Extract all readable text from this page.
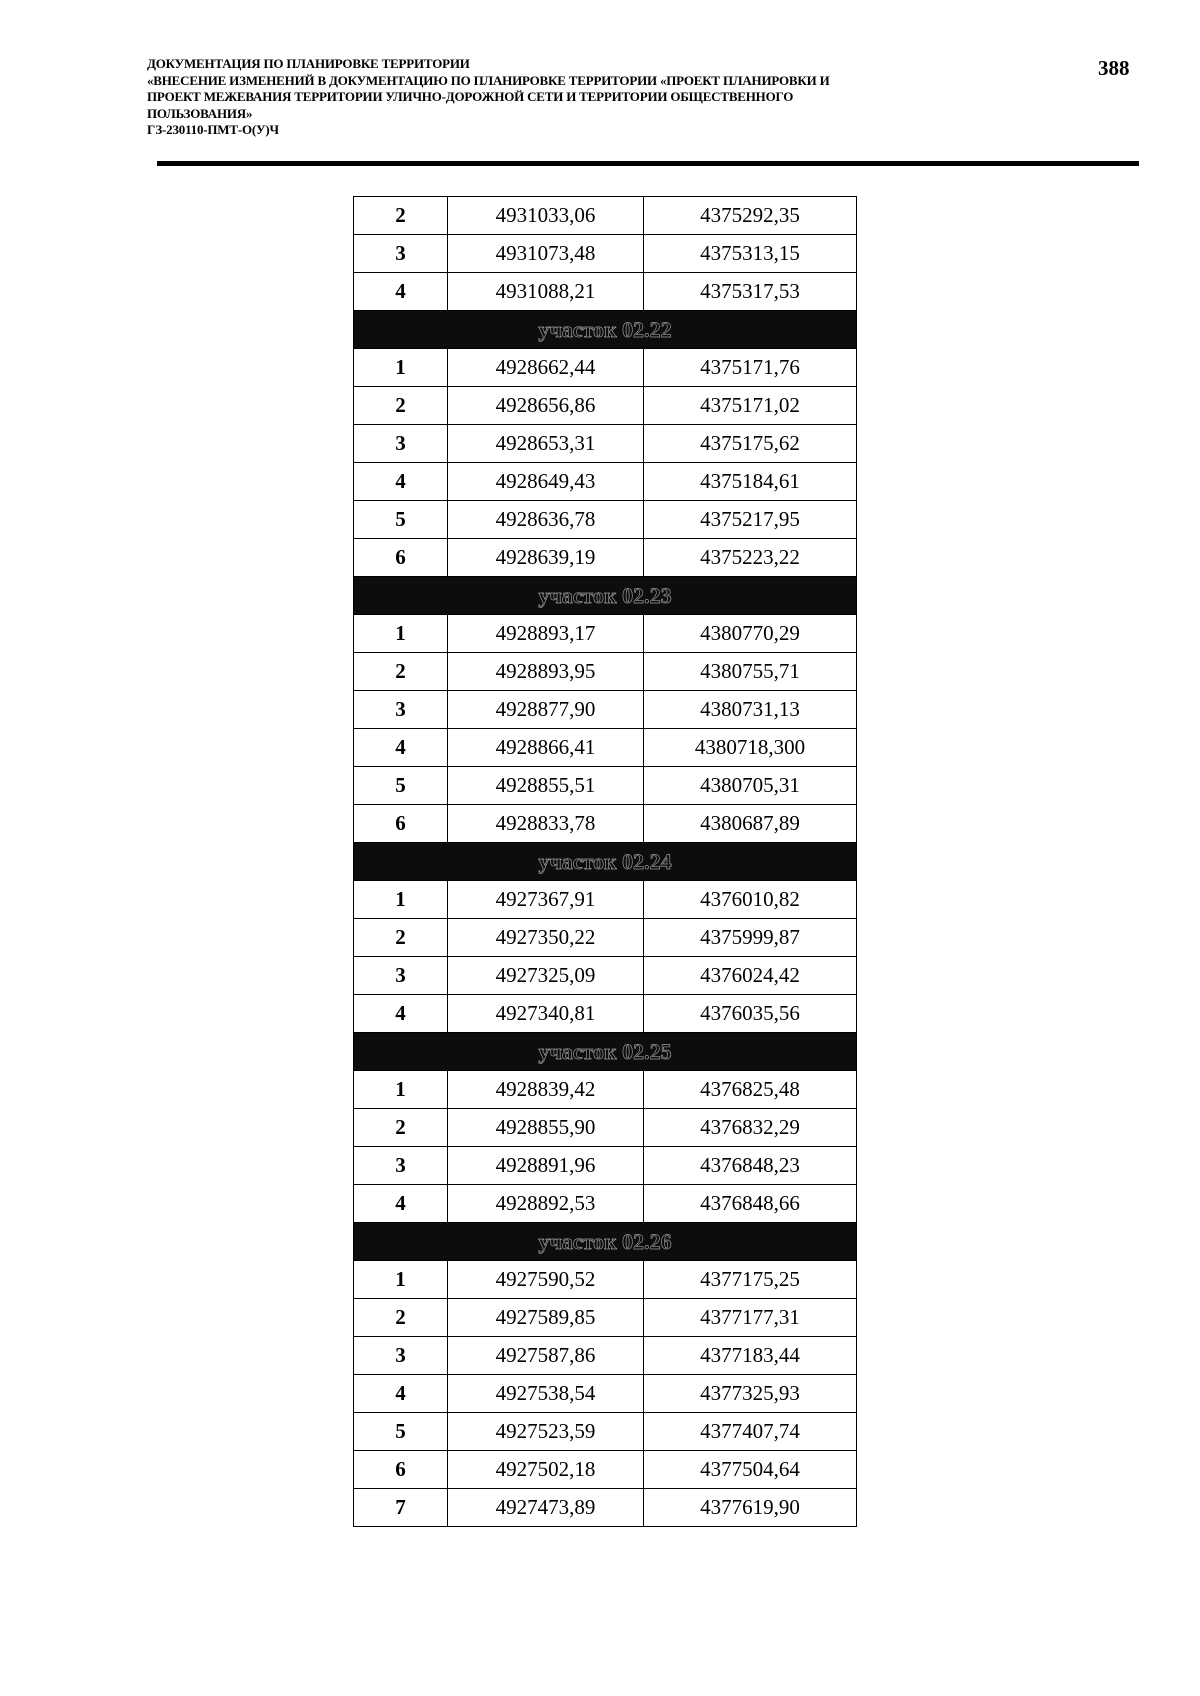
ДОКУМЕНТАЦИЯ ПО ПЛАНИРОВКЕ ТЕРРИТОРИИ
«ВНЕСЕНИЕ ИЗМЕНЕНИЙ В ДОКУМЕНТАЦИЮ ПО ПЛАНИРОВКЕ ТЕРРИТОРИИ «ПРОЕКТ ПЛАНИРОВКИ И
ПРОЕКТ МЕЖЕВАНИЯ ТЕРРИТОРИИ УЛИЧНО-ДОРОЖНОЙ СЕТИ И ТЕРРИТОРИИ ОБЩЕСТВЕННОГО
ПОЛЬЗОВАНИЯ»
ГЗ-230110-ПМТ-О(У)Ч
388
2	4931033,06	4375292,35
3	4931073,48	4375313,15
4	4931088,21	4375317,53
участок 02.22		
1	4928662,44	4375171,76
2	4928656,86	4375171,02
3	4928653,31	4375175,62
4	4928649,43	4375184,61
5	4928636,78	4375217,95
6	4928639,19	4375223,22
участок 02.23		
1	4928893,17	4380770,29
2	4928893,95	4380755,71
3	4928877,90	4380731,13
4	4928866,41	4380718,300
5	4928855,51	4380705,31
6	4928833,78	4380687,89
участок 02.24		
1	4927367,91	4376010,82
2	4927350,22	4375999,87
3	4927325,09	4376024,42
4	4927340,81	4376035,56
участок 02.25		
1	4928839,42	4376825,48
2	4928855,90	4376832,29
3	4928891,96	4376848,23
4	4928892,53	4376848,66
участок 02.26		
1	4927590,52	4377175,25
2	4927589,85	4377177,31
3	4927587,86	4377183,44
4	4927538,54	4377325,93
5	4927523,59	4377407,74
6	4927502,18	4377504,64
7	4927473,89	4377619,90
